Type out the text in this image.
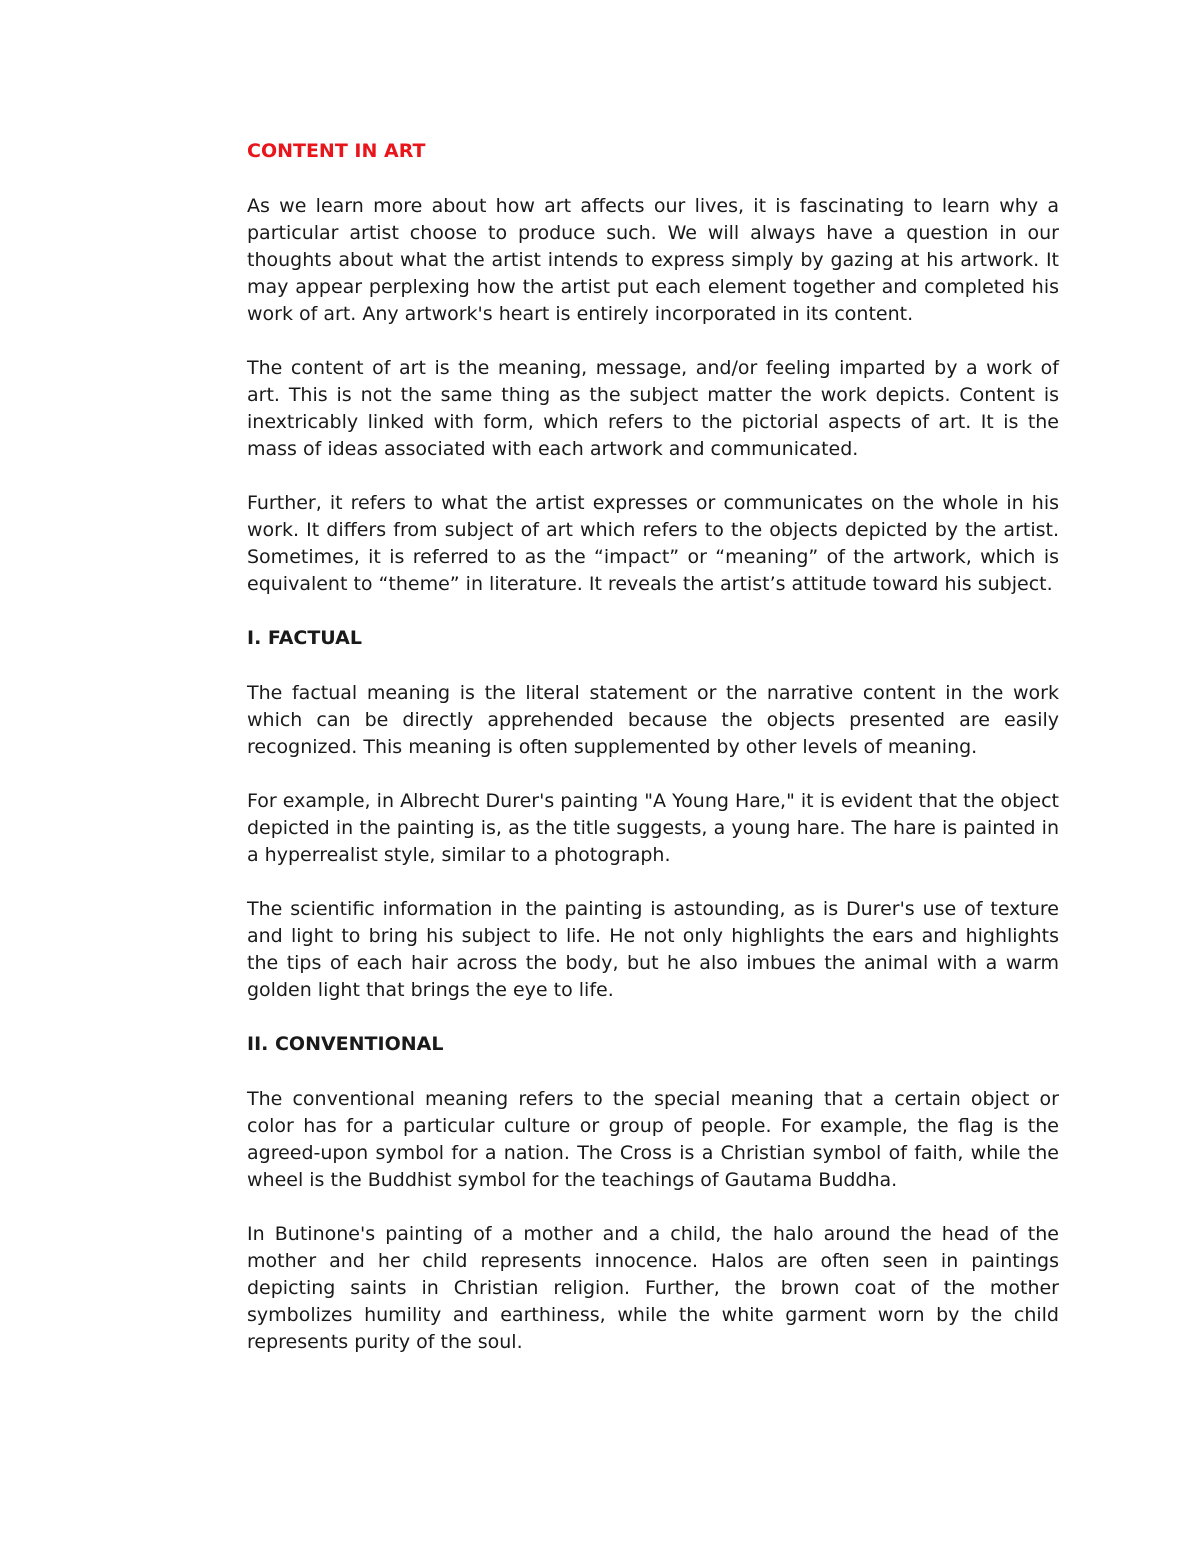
CONTENT IN ART

As we learn more about how art affects our lives, it is fascinating to learn why a particular artist choose to produce such. We will always have a question in our thoughts about what the artist intends to express simply by gazing at his artwork. It may appear perplexing how the artist put each element together and completed his work of art. Any artwork's heart is entirely incorporated in its content.

The content of art is the meaning, message, and/or feeling imparted by a work of art. This is not the same thing as the subject matter the work depicts. Content is inextricably linked with form, which refers to the pictorial aspects of art. It is the mass of ideas associated with each artwork and communicated.

Further, it refers to what the artist expresses or communicates on the whole in his work. It differs from subject of art which refers to the objects depicted by the artist. Sometimes, it is referred to as the “impact” or “meaning” of the artwork, which is equivalent to “theme” in literature. It reveals the artist’s attitude toward his subject.

I. FACTUAL

The factual meaning is the literal statement or the narrative content in the work which can be directly apprehended because the objects presented are easily recognized. This meaning is often supplemented by other levels of meaning.

For example, in Albrecht Durer's painting "A Young Hare," it is evident that the object depicted in the painting is, as the title suggests, a young hare. The hare is painted in a hyperrealist style, similar to a photograph.

The scientific information in the painting is astounding, as is Durer's use of texture and light to bring his subject to life. He not only highlights the ears and highlights the tips of each hair across the body, but he also imbues the animal with a warm golden light that brings the eye to life.

II. CONVENTIONAL

The conventional meaning refers to the special meaning that a certain object or color has for a particular culture or group of people. For example, the flag is the agreed-upon symbol for a nation. The Cross is a Christian symbol of faith, while the wheel is the Buddhist symbol for the teachings of Gautama Buddha.

In Butinone's painting of a mother and a child, the halo around the head of the mother and her child represents innocence. Halos are often seen in paintings depicting saints in Christian religion. Further, the brown coat of the mother symbolizes humility and earthiness, while the white garment worn by the child represents purity of the soul.
